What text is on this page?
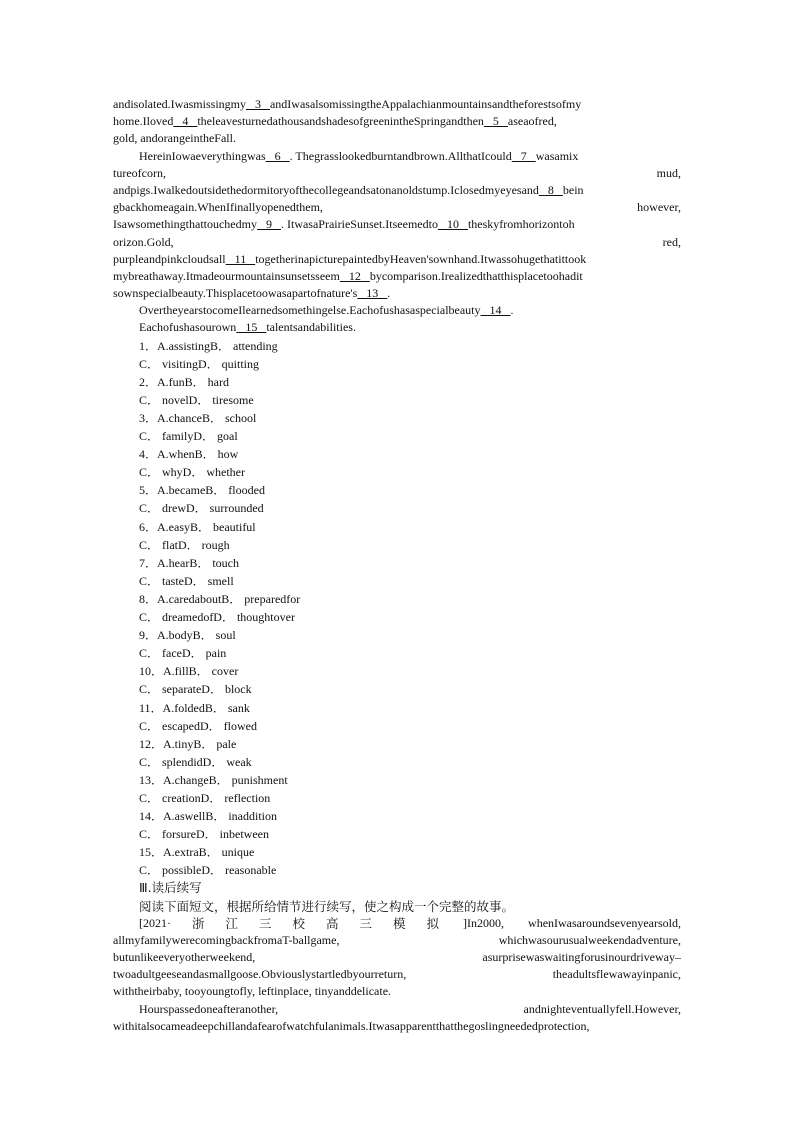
andisolated.Iwasmissingmy   3   andIwasalsomissingtheAppalachianmountainsandtheforestsofmy
home.Iloved   4   theleavesturnedathousandshadesofgreenintheSpringandthen   5   aseaofred,
gold, andorangeintheFall.
HereinIowaeverythingwas   6   . Thegrasslookedburntandbrown.AllthatIcould   7   wasamix
tureofcorn,	mud,
andpigs.Iwalkedoutsidethedormitoryofthecollegeandsatonanoldstump.Iclosedmyeyesand   8   bein
gbackhomeagain.WhenIfinallyopenedthem,	however,
Isawsomethingthattouchedmy   9   . ItwasaPrairieSunset.Itseemedto   10   theskyfromhorizontoh
orizon.Gold,	red,
purpleandpinkcloudsall   11   togetherinapicturepaintedbyHeaven'sownhand.Itwassohugethatittook
mybreathaway.Itmadeourmountainsunsetsseem   12   bycomparison.Irealizedthatthisplacetoohadit
sownspecialbeauty.Thisplacetoowasapartofnature's   13   .
OvertheyearstocomeIlearnedsomethingelse.Eachofushasaspecialbeauty   14   .
Eachofushasourown   15   talentsandabilities.
1．A.assistingB． attending
C． visitingD． quitting
2．A.funB． hard
C． novelD． tiresome
3．A.chanceB． school
C． familyD． goal
4．A.whenB． how
C． whyD． whether
5．A.becameB． flooded
C． drewD． surrounded
6．A.easyB． beautiful
C． flatD． rough
7．A.hearB． touch
C． tasteD． smell
8．A.caredaboutB． preparedfor
C． dreamedofD． thoughtover
9．A.bodyB． soul
C． faceD． pain
10．A.fillB． cover
C． separateD． block
11．A.foldedB． sank
C． escapedD． flowed
12．A.tinyB． pale
C． splendidD． weak
13．A.changeB． punishment
C． creationD． reflection
14．A.aswellB． inaddition
C． forsureD． inbetween
15．A.extraB． unique
C． possibleD． reasonable
Ⅲ.读后续写
阅读下面短文，根据所给情节进行续写，使之构成一个完整的故事。
[2021· 浙 江 三 校 高 三 模 拟 ]In2000, whenIwasaroundsevenyearsold,
allmyfamilywerecomingbackfromaT-ballgame,	whichwasourusualweekendadventure,
butunlikeeveryotherweekend,	asurprisewaswaitingforusinourdriveway–
twoadultgeeseandasmallgoose.Obviouslystartledbyourreturn,	theadultsflewawayinpanic,
withtheirbaby, tooyoungtofly, leftinplace, tinyanddelicate.
Hourspassedoneafteranother,	andnighteventuallyfell.However,
withitalsocameadeepchillandafearofwatchfulanimals.Itwasapparentthatthegoslingneededprotection,
